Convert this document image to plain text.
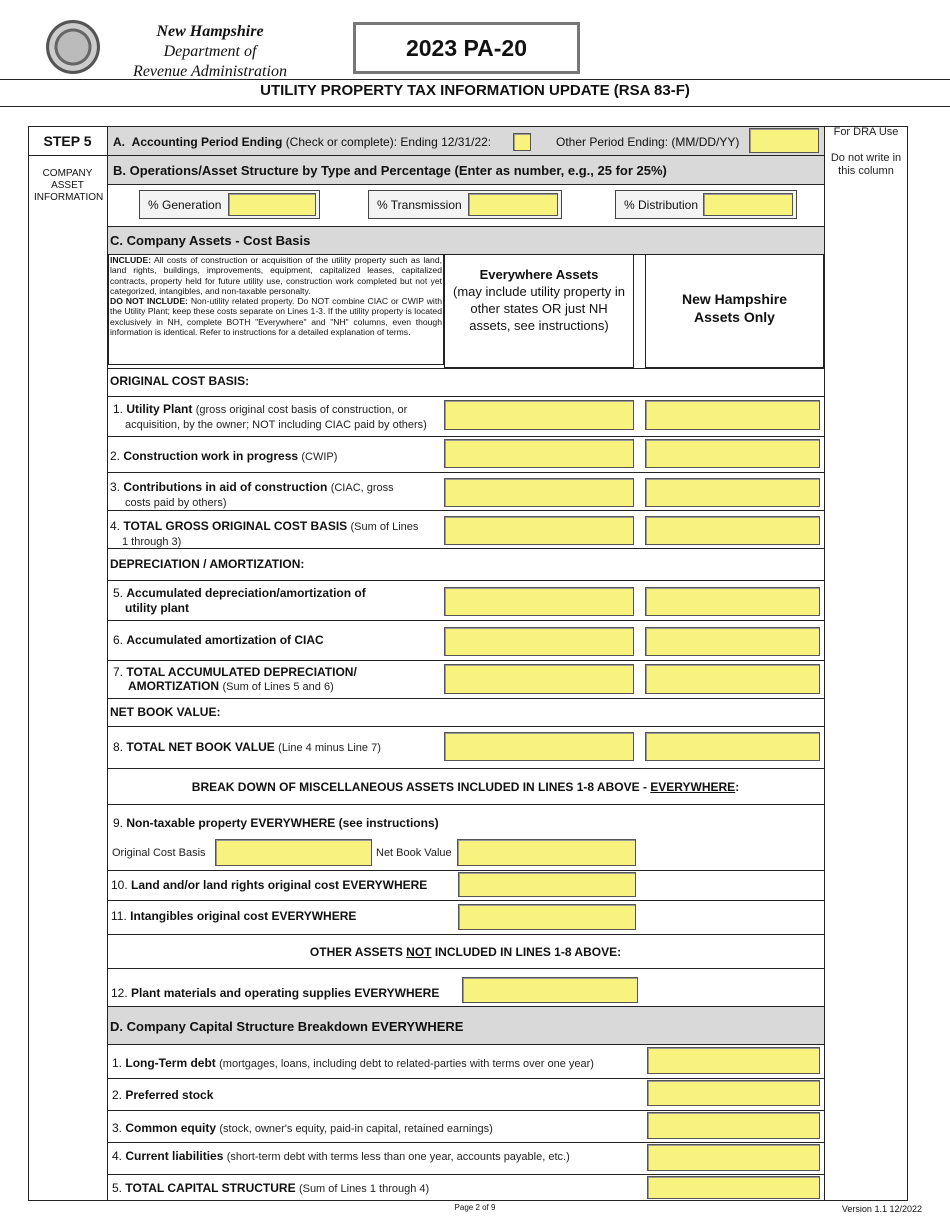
New Hampshire
Department of
Revenue Administration
2023 PA-20
UTILITY PROPERTY TAX INFORMATION UPDATE (RSA 83-F)
STEP 5
COMPANY ASSET INFORMATION
For DRA Use
Do not write in this column
A. Accounting Period Ending (Check or complete): Ending 12/31/22:	Other Period Ending: (MM/DD/YY)
B. Operations/Asset Structure by Type and Percentage (Enter as number, e.g., 25 for 25%)
% Generation	% Transmission	% Distribution
C. Company Assets - Cost Basis
INCLUDE: All costs of construction or acquisition of the utility property such as land, land rights, buildings, improvements, equipment, capitalized leases, capitalized contracts, property held for future utility use, construction work completed but not yet categorized, intangibles, and non-taxable personalty.
DO NOT INCLUDE: Non-utility related property. Do NOT combine CIAC or CWIP with the Utility Plant; keep these costs separate on Lines 1-3. If the utility property is located exclusively in NH, complete BOTH "Everywhere" and "NH" columns, even though information is identical. Refer to instructions for a detailed explanation of terms.
Everywhere Assets
(may include utility property in other states OR just NH assets, see instructions)
New Hampshire Assets Only
ORIGINAL COST BASIS:
DEPRECIATION / AMORTIZATION:
NET BOOK VALUE:
1. Utility Plant (gross original cost basis of construction, or
acquisition, by the owner; NOT including CIAC paid by others)
2. Construction work in progress (CWIP)
3. Contributions in aid of construction (CIAC, gross
costs paid by others)
4. TOTAL GROSS ORIGINAL COST BASIS (Sum of Lines
1 through 3)
5. Accumulated depreciation/amortization of
utility plant
6. Accumulated amortization of CIAC
7. TOTAL ACCUMULATED DEPRECIATION/
AMORTIZATION (Sum of Lines 5 and 6)
8. TOTAL NET BOOK VALUE (Line 4 minus Line 7)
BREAK DOWN OF MISCELLANEOUS ASSETS INCLUDED IN LINES 1-8 ABOVE - EVERYWHERE:
9. Non-taxable property EVERYWHERE (see instructions)
Original Cost Basis	Net Book Value
10. Land and/or land rights original cost EVERYWHERE
11. Intangibles original cost EVERYWHERE
OTHER ASSETS NOT INCLUDED IN LINES 1-8 ABOVE:
12. Plant materials and operating supplies EVERYWHERE
D. Company Capital Structure Breakdown EVERYWHERE
1. Long-Term debt (mortgages, loans, including debt to related-parties with terms over one year)
2. Preferred stock
3. Common equity (stock, owner's equity, paid-in capital, retained earnings)
4. Current liabilities (short-term debt with terms less than one year, accounts payable, etc.)
5. TOTAL CAPITAL STRUCTURE (Sum of Lines 1 through 4)
Page 2 of 9	Version 1.1 12/2022
